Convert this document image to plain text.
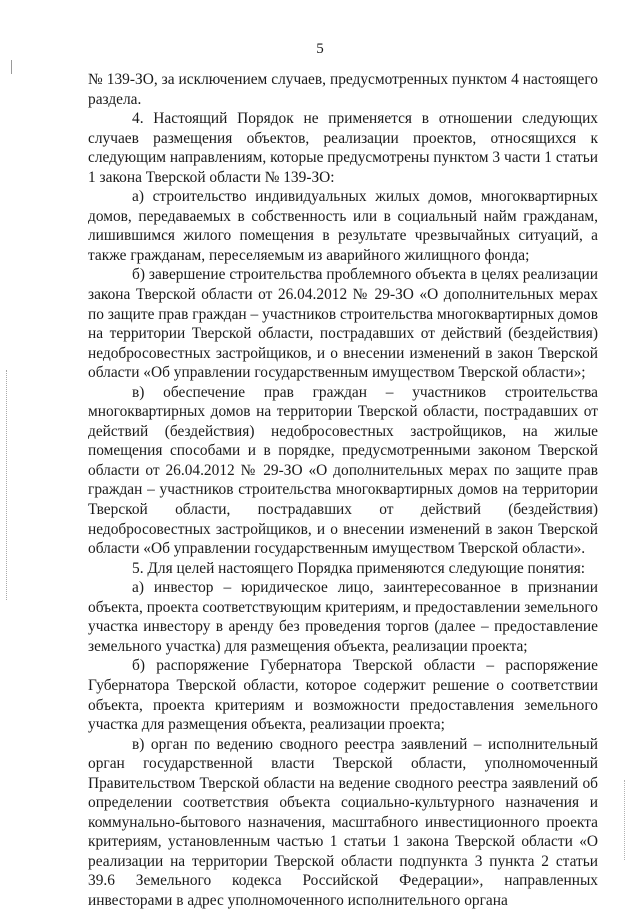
5

№ 139-ЗО, за исключением случаев, предусмотренных пунктом 4 настоящего раздела.

4. Настоящий Порядок не применяется в отношении следующих случаев размещения объектов, реализации проектов, относящихся к следующим направлениям, которые предусмотрены пунктом 3 части 1 статьи 1 закона Тверской области № 139-ЗО:

а) строительство индивидуальных жилых домов, многоквартирных домов, передаваемых в собственность или в социальный найм гражданам, лишившимся жилого помещения в результате чрезвычайных ситуаций, а также гражданам, переселяемым из аварийного жилищного фонда;

б) завершение строительства проблемного объекта в целях реализации закона Тверской области от 26.04.2012 № 29-ЗО «О дополнительных мерах по защите прав граждан – участников строительства многоквартирных домов на территории Тверской области, пострадавших от действий (бездействия) недобросовестных застройщиков, и о внесении изменений в закон Тверской области «Об управлении государственным имуществом Тверской области»;

в) обеспечение прав граждан – участников строительства многоквартирных домов на территории Тверской области, пострадавших от действий (бездействия) недобросовестных застройщиков, на жилые помещения способами и в порядке, предусмотренными законом Тверской области от 26.04.2012 № 29-ЗО «О дополнительных мерах по защите прав граждан – участников строительства многоквартирных домов на территории Тверской области, пострадавших от действий (бездействия) недобросовестных застройщиков, и о внесении изменений в закон Тверской области «Об управлении государственным имуществом Тверской области».

5. Для целей настоящего Порядка применяются следующие понятия:

а) инвестор – юридическое лицо, заинтересованное в признании объекта, проекта соответствующим критериям, и предоставлении земельного участка инвестору в аренду без проведения торгов (далее – предоставление земельного участка) для размещения объекта, реализации проекта;

б) распоряжение Губернатора Тверской области – распоряжение Губернатора Тверской области, которое содержит решение о соответствии объекта, проекта критериям и возможности предоставления земельного участка для размещения объекта, реализации проекта;

в) орган по ведению сводного реестра заявлений – исполнительный орган государственной власти Тверской области, уполномоченный Правительством Тверской области на ведение сводного реестра заявлений об определении соответствия объекта социально-культурного назначения и коммунально-бытового назначения, масштабного инвестиционного проекта критериям, установленным частью 1 статьи 1 закона Тверской области «О реализации на территории Тверской области подпункта 3 пункта 2 статьи 39.6 Земельного кодекса Российской Федерации», направленных инвесторами в адрес уполномоченного исполнительного органа
